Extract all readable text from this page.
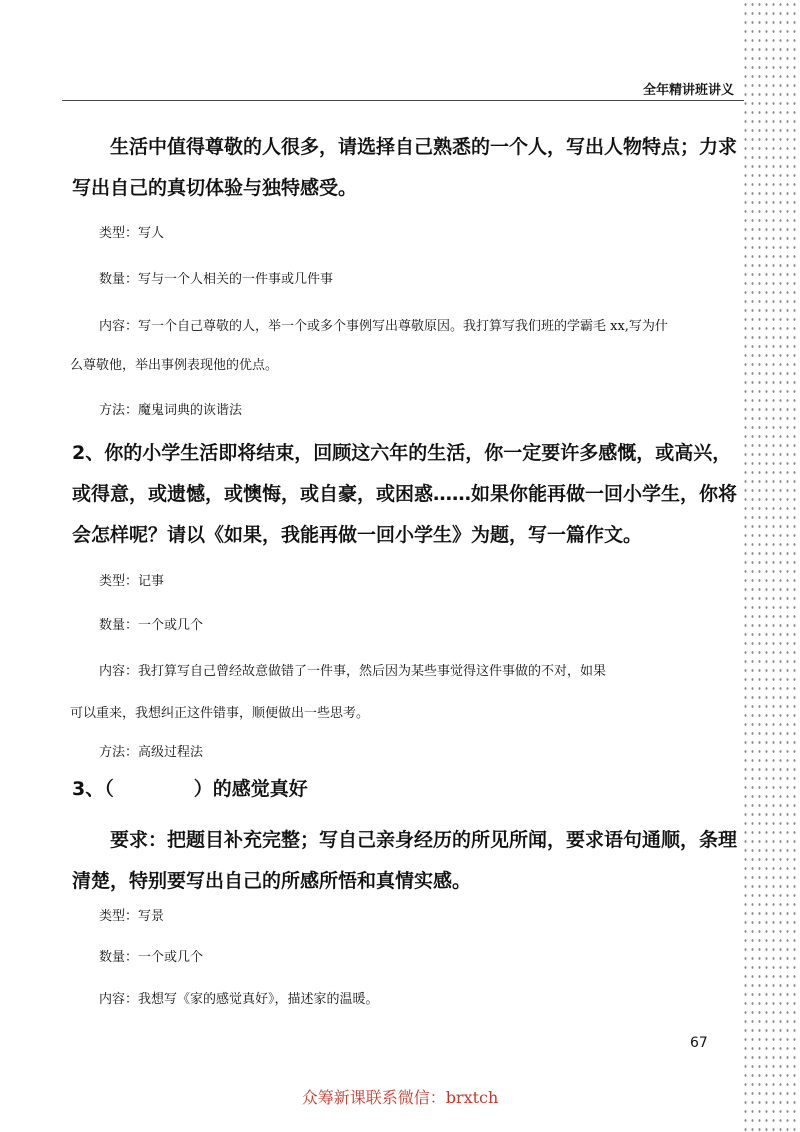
全年精讲班讲义
生活中值得尊敬的人很多，请选择自己熟悉的一个人，写出人物特点；力求写出自己的真切体验与独特感受。
类型：写人
数量：写与一个人相关的一件事或几件事
内容：写一个自己尊敬的人，举一个或多个事例写出尊敬原因。我打算写我们班的学霸毛 xx,写为什
么尊敬他，举出事例表现他的优点。
方法：魔鬼词典的诙谐法
2、你的小学生活即将结束，回顾这六年的生活，你一定要许多感慨，或高兴，或得意，或遗憾，或懊悔，或自豪，或困惑……如果你能再做一回小学生，你将会怎样呢？请以《如果，我能再做一回小学生》为题，写一篇作文。
类型：记事
数量：一个或几个
内容：我打算写自己曾经故意做错了一件事，然后因为某些事觉得这件事做的不对，如果
可以重来，我想纠正这件错事，顺便做出一些思考。
方法：高级过程法
3、（	）的感觉真好
要求：把题目补充完整；写自己亲身经历的所见所闻，要求语句通顺，条理清楚，特别要写出自己的所感所悟和真情实感。
类型：写景
数量：一个或几个
内容：我想写《家的感觉真好》，描述家的温暖。
67
众筹新课联系微信：brxtch
